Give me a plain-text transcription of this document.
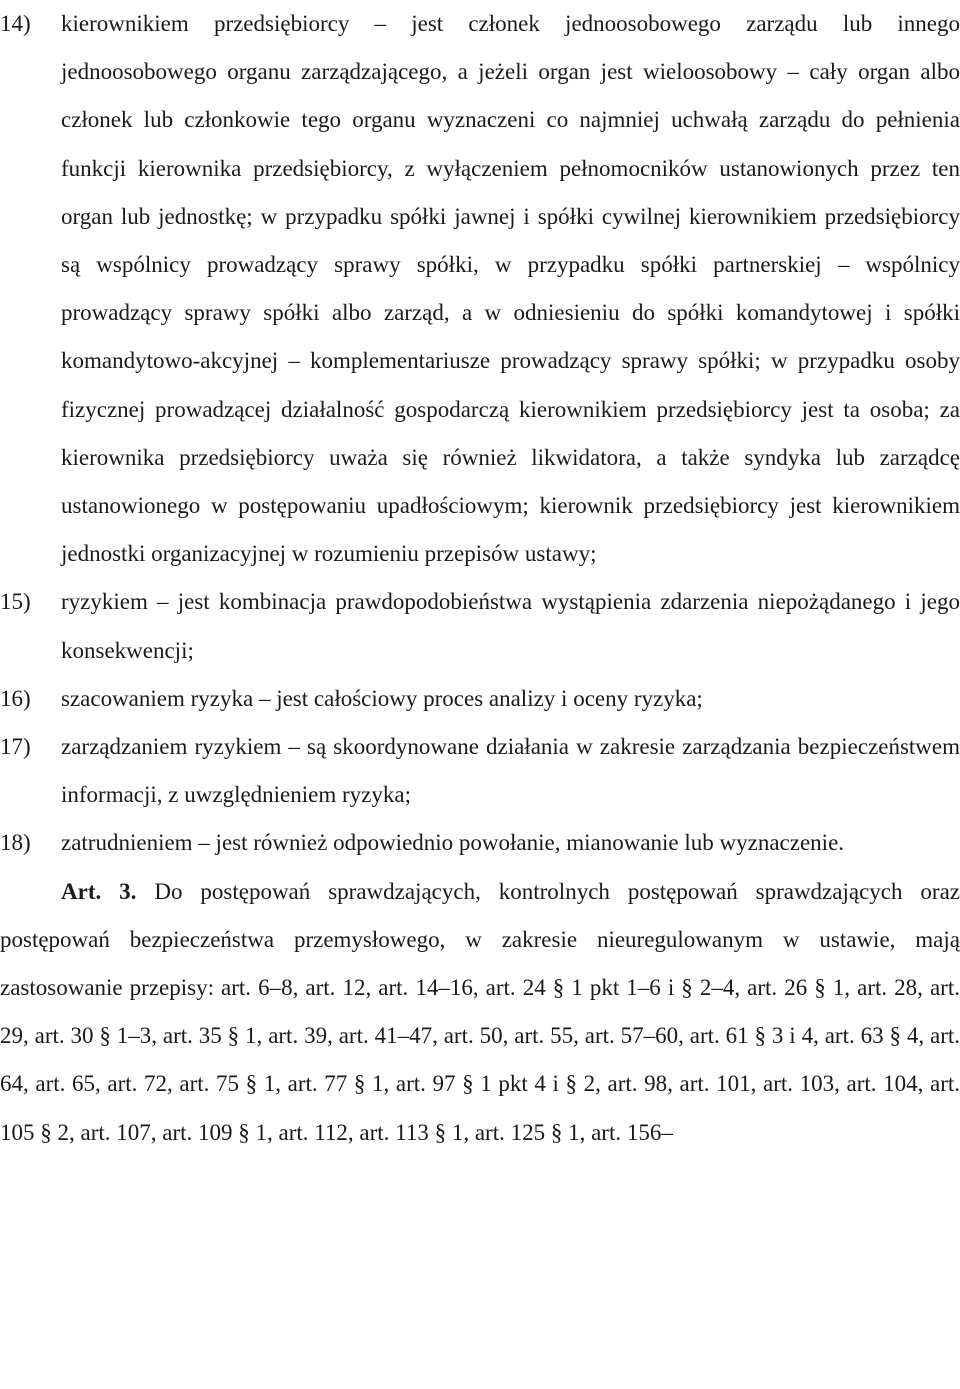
14) kierownikiem przedsiębiorcy – jest członek jednoosobowego zarządu lub innego jednoosobowego organu zarządzającego, a jeżeli organ jest wieloosobowy – cały organ albo członek lub członkowie tego organu wyznaczeni co najmniej uchwałą zarządu do pełnienia funkcji kierownika przedsiębiorcy, z wyłączeniem pełnomocników ustanowionych przez ten organ lub jednostkę; w przypadku spółki jawnej i spółki cywilnej kierownikiem przedsiębiorcy są wspólnicy prowadzący sprawy spółki, w przypadku spółki partnerskiej – wspólnicy prowadzący sprawy spółki albo zarząd, a w odniesieniu do spółki komandytowej i spółki komandytowo-akcyjnej – komplementariusze prowadzący sprawy spółki; w przypadku osoby fizycznej prowadzącej działalność gospodarczą kierownikiem przedsiębiorcy jest ta osoba; za kierownika przedsiębiorcy uważa się również likwidatora, a także syndyka lub zarządcę ustanowionego w postępowaniu upadłościowym; kierownik przedsiębiorcy jest kierownikiem jednostki organizacyjnej w rozumieniu przepisów ustawy;

15) ryzykiem – jest kombinacja prawdopodobieństwa wystąpienia zdarzenia niepożądanego i jego konsekwencji;

16) szacowaniem ryzyka – jest całościowy proces analizy i oceny ryzyka;

17) zarządzaniem ryzykiem – są skoordynowane działania w zakresie zarządzania bezpieczeństwem informacji, z uwzględnieniem ryzyka;

18) zatrudnieniem – jest również odpowiednio powołanie, mianowanie lub wyznaczenie.

Art. 3. Do postępowań sprawdzających, kontrolnych postępowań sprawdzających oraz postępowań bezpieczeństwa przemysłowego, w zakresie nieuregulowanym w ustawie, mają zastosowanie przepisy: art. 6–8, art. 12, art. 14–16, art. 24 § 1 pkt 1–6 i § 2–4, art. 26 § 1, art. 28, art. 29, art. 30 § 1–3, art. 35 § 1, art. 39, art. 41–47, art. 50, art. 55, art. 57–60, art. 61 § 3 i 4, art. 63 § 4, art. 64, art. 65, art. 72, art. 75 § 1, art. 77 § 1, art. 97 § 1 pkt 4 i § 2, art. 98, art. 101, art. 103, art. 104, art. 105 § 2, art. 107, art. 109 § 1, art. 112, art. 113 § 1, art. 125 § 1, art. 156–
